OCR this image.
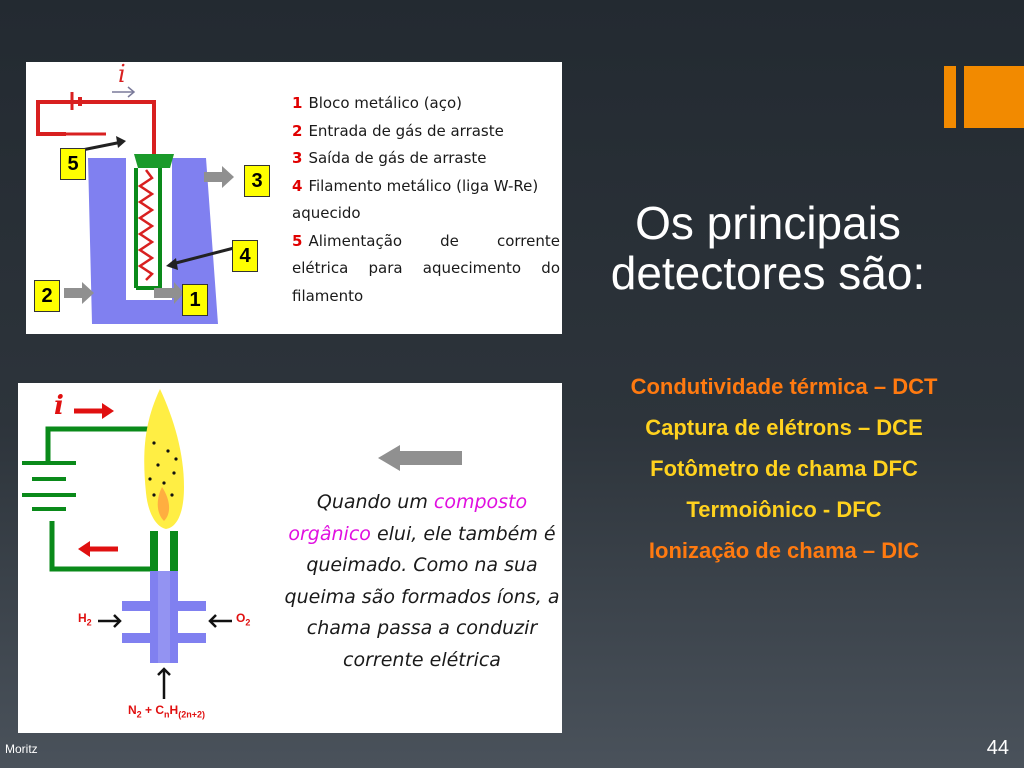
i
5
3
4
2	1
1 Bloco metálico (aço)
2 Entrada de gás de arraste
3 Saída de gás de arraste
4 Filamento metálico (liga W-Re)
aquecido
5 Alimentação de corrente
elétrica para aquecimento do
filamento
i
$H_2$	$O_2$
$N_2 + C_nH_{(2n+2)}$
Quando um composto orgânico elui, ele também é queimado. Como na sua queima são formados íons, a chama passa a conduzir corrente elétrica
Os principais
detectores são:
Condutividade térmica – DCT
Captura de elétrons – DCE
Fotômetro de chama DFC
Termoiônico - DFC
Ionização de chama – DIC
Moritz	44
